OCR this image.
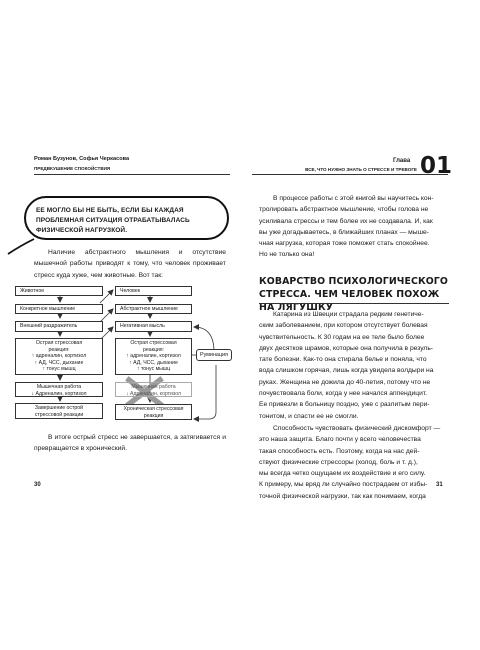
Роман Бузунов, Софья Черкасова
ПРЕДВКУШЕНИЕ СПОКОЙСТВИЯ
ЕЕ МОГЛО БЫ НЕ БЫТЬ, ЕСЛИ БЫ КАЖДАЯ ПРОБЛЕМНАЯ СИТУАЦИЯ ОТРАБАТЫВАЛАСЬ ФИЗИЧЕСКОЙ НАГРУЗКОЙ.
Наличие абстрактного мышления и отсутствие мышечной работы приводят к тому, что человек проживает стресс куда хуже, чем животные. Вот так:
Животное
Конкретное мышление
Внешний раздражитель
Острая стрессовая
реакция:
↑ адреналин, кортизол
↑ АД, ЧСС, дыхание
↑ тонус мышц
Мышечная работа
↓ Адреналин, кортизол
Завершение острой
стрессовой реакции
Человек
Абстрактное мышление
Негативная мысль
Острая стрессовая
реакция:
↑ адреналин, кортизол
↑ АД, ЧСС, дыхание
↑ тонус мышц
Мышечная работа
↓ Адреналин, кортизол
Хроническая стрессовая
реакция
Руминация
В итоге острый стресс не завершается, а затягивается и превращается в хронический.
30
Глава
ВСЕ, ЧТО НУЖНО ЗНАТЬ О СТРЕССЕ И ТРЕВОГЕ 01
В процессе работы с этой книгой вы научитесь кон-
тролировать абстрактное мышление, чтобы голова не
усиливала стрессы и тем более их не создавала. И, как
вы уже догадываетесь, в ближайших планах — мыше-
чная нагрузка, которая тоже поможет стать спокойнее.
Но не только она!
КОВАРСТВО ПСИХОЛОГИЧЕСКОГО СТРЕССА. ЧЕМ ЧЕЛОВЕК ПОХОЖ НА ЛЯГУШКУ
Катарина из Швеции страдала редким генетиче-
ским заболеванием, при котором отсутствует болевая
чувствительность. К 30 годам на ее теле было более
двух десятков шрамов, которые она получила в резуль-
тате болезни. Как-то она стирала белье и поняла, что
вода слишком горячая, лишь когда увидела волдыри на
руках. Женщина не дожила до 40-летия, потому что не
почувствовала боли, когда у нее начался аппендицит.
Ее привезли в больницу поздно, уже с разлитым пери-
тонитом, и спасти ее не смогли.
Способность чувствовать физический дискомфорт —
это наша защита. Благо почти у всего человечества
такая способность есть. Поэтому, когда на нас дей-
ствуют физические стрессоры (холод, боль и т. д.),
мы всегда четко ощущаем их воздействие и его силу.
К примеру, мы вряд ли случайно пострадаем от избы-
точной физической нагрузки, так как понимаем, когда
31
